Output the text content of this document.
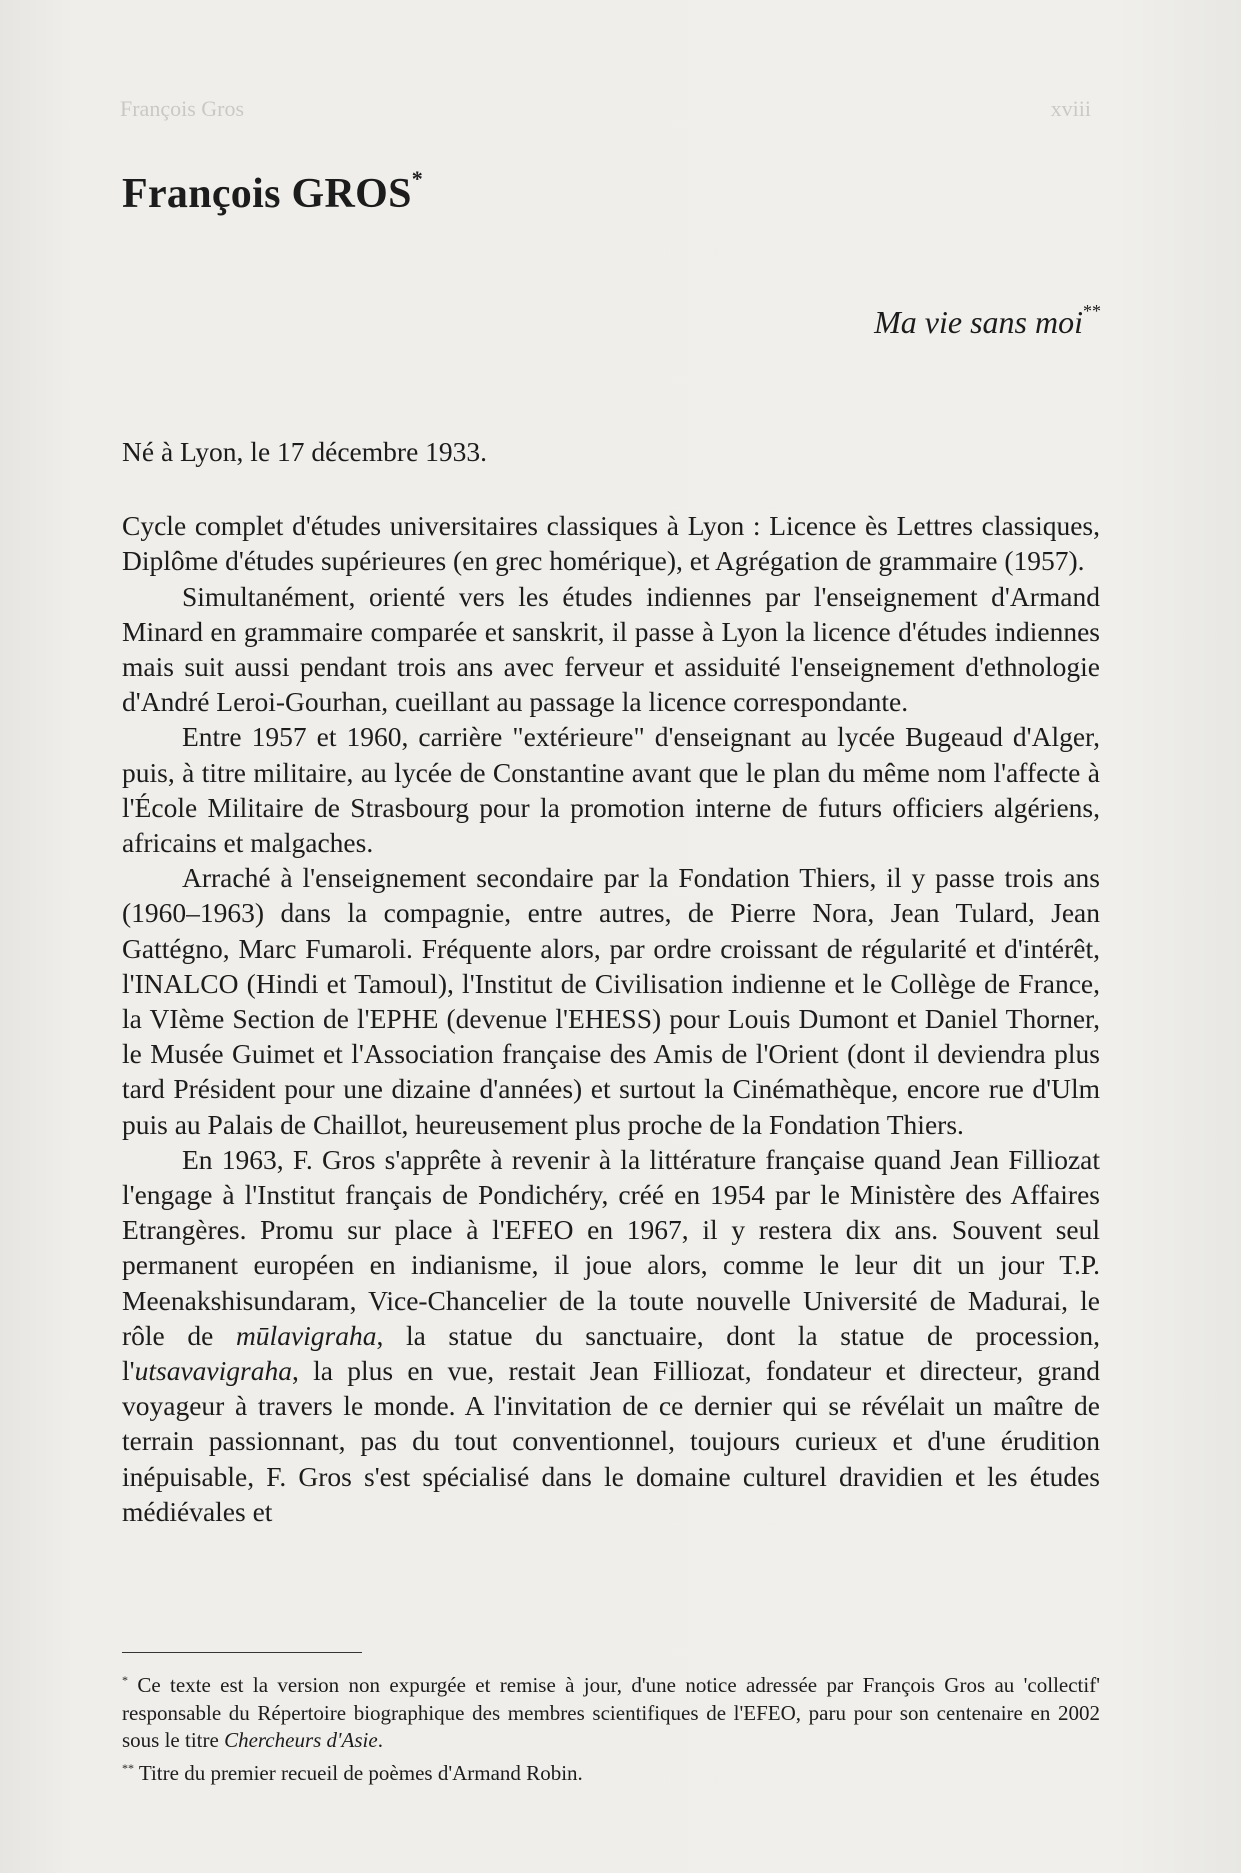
François Gros	xviii
François GROS*
Ma vie sans moi**

Né à Lyon, le 17 décembre 1933.

Cycle complet d'études universitaires classiques à Lyon : Licence ès Lettres classiques, Diplôme d'études supérieures (en grec homérique), et Agrégation de grammaire (1957).

Simultanément, orienté vers les études indiennes par l'enseignement d'Armand Minard en grammaire comparée et sanskrit, il passe à Lyon la licence d'études indiennes mais suit aussi pendant trois ans avec ferveur et assiduité l'enseignement d'ethnologie d'André Leroi-Gourhan, cueillant au passage la licence correspondante.

Entre 1957 et 1960, carrière "extérieure" d'enseignant au lycée Bugeaud d'Alger, puis, à titre militaire, au lycée de Constantine avant que le plan du même nom l'affecte à l'École Militaire de Strasbourg pour la promotion interne de futurs officiers algériens, africains et malgaches.

Arraché à l'enseignement secondaire par la Fondation Thiers, il y passe trois ans (1960–1963) dans la compagnie, entre autres, de Pierre Nora, Jean Tulard, Jean Gattégno, Marc Fumaroli. Fréquente alors, par ordre croissant de régularité et d'intérêt, l'INALCO (Hindi et Tamoul), l'Institut de Civilisation indienne et le Collège de France, la VIème Section de l'EPHE (devenue l'EHESS) pour Louis Dumont et Daniel Thorner, le Musée Guimet et l'Association française des Amis de l'Orient (dont il deviendra plus tard Président pour une dizaine d'années) et surtout la Cinémathèque, encore rue d'Ulm puis au Palais de Chaillot, heureusement plus proche de la Fondation Thiers.

En 1963, F. Gros s'apprête à revenir à la littérature française quand Jean Filliozat l'engage à l'Institut français de Pondichéry, créé en 1954 par le Ministère des Affaires Etrangères. Promu sur place à l'EFEO en 1967, il y restera dix ans. Souvent seul permanent européen en indianisme, il joue alors, comme le leur dit un jour T.P. Meenakshisundaram, Vice-Chancelier de la toute nouvelle Université de Madurai, le rôle de mūlavigraha, la statue du sanctuaire, dont la statue de procession, l'utsavavigraha, la plus en vue, restait Jean Filliozat, fondateur et directeur, grand voyageur à travers le monde. A l'invitation de ce dernier qui se révélait un maître de terrain passionnant, pas du tout conventionnel, toujours curieux et d'une érudition inépuisable, F. Gros s'est spécialisé dans le domaine culturel dravidien et les études médiévales et

* Ce texte est la version non expurgée et remise à jour, d'une notice adressée par François Gros au 'collectif' responsable du Répertoire biographique des membres scientifiques de l'EFEO, paru pour son centenaire en 2002 sous le titre Chercheurs d'Asie.

** Titre du premier recueil de poèmes d'Armand Robin.
